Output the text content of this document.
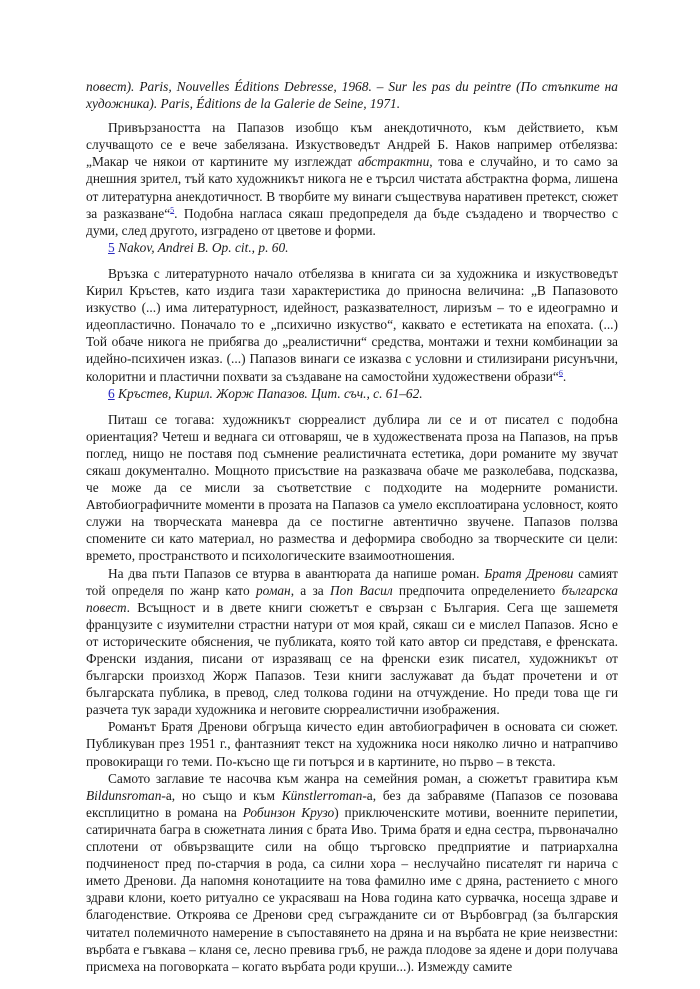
повест). Paris, Nouvelles Éditions Debresse, 1968. – Sur les pas du peintre (По стъпките на художника). Paris, Éditions de la Galerie de Seine, 1971.

Привързаността на Папазов изобщо към анекдотичното, към действието, към случващото се е вече забелязана. Изкуствоведът Андрей Б. Наков например отбелязва: „Макар че някои от картините му изглеждат абстрактни, това е случайно, и то само за днешния зрител, тъй като художникът никога не е търсил чистата абстрактна форма, лишена от литературна анекдотичност. В творбите му винаги съществува наративен претекст, сюжет за разказване“$^5$. Подобна нагласа сякаш предопределя да бъде създадено и творчество с думи, след другото, изградено от цветове и форми.

5 Nakov, Andrei B. Op. cit., p. 60.

Връзка с литературното начало отбелязва в книгата си за художника и изкуствоведът Кирил Кръстев, като издига тази характеристика до приносна величина: „В Папазовото изкуство (...) има литературност, идейност, разказвателност, лиризъм – то е идеограмно и идеопластично. Поначало то е „психично изкуство“, каквато е естетиката на епохата. (...) Той обаче никога не прибягва до „реалистични“ средства, монтажи и техни комбинации за идейно-психичен изказ. (...) Папазов винаги се изказва с условни и стилизирани рисунъчни, колоритни и пластични похвати за създаване на самостойни художествени образи“$^6$.

6 Кръстев, Кирил. Жорж Папазов. Цит. съч., с. 61–62.

Питаш се тогава: художникът сюрреалист дублира ли се и от писател с подобна ориентация? Четеш и веднага си отговаряш, че в художествената проза на Папазов, на пръв поглед, нищо не поставя под съмнение реалистичната естетика, дори романите му звучат сякаш документално. Мощното присъствие на разказвача обаче ме разколебава, подсказва, че може да се мисли за съответствие с подходите на модерните романисти. Автобиографичните моменти в прозата на Папазов са умело експлоатирана условност, която служи на творческата маневра да се постигне автентично звучене. Папазов ползва спомените си като материал, но размества и деформира свободно за творческите си цели: времето, пространството и психологическите взаимоотношения.

На два пъти Папазов се втурва в авантюрата да напише роман. Братя Дренови самият той определя по жанр като роман, а за Поп Васил предпочита определението българска повест. Всъщност и в двете книги сюжетът е свързан с България. Сега ще зашеметя французите с изумителни страстни натури от моя край, сякаш си е мислел Папазов. Ясно е от историческите обяснения, че публиката, която той като автор си представя, е френската. Френски издания, писани от изразяващ се на френски език писател, художникът от български произход Жорж Папазов. Тези книги заслужават да бъдат прочетени и от българската публика, в превод, след толкова години на отчуждение. Но преди това ще ги разчета тук заради художника и неговите сюрреалистични изображения.

Романът Братя Дренови обгръща кичесто един автобиографичен в основата си сюжет. Публикуван през 1951 г., фантазният текст на художника носи няколко лично и натрапчиво провокиращи го теми. По-късно ще ги потърся и в картините, но първо – в текста.

Самото заглавие те насочва към жанра на семейния роман, а сюжетът гравитира към Bildunsroman-а, но също и към Künstlerroman-а, без да забравяме (Папазов се позовава експлицитно в романа на Робинзон Крузо) приключенските мотиви, военните перипетии, сатиричната багра в сюжетната линия с брата Иво. Трима братя и една сестра, първоначално сплотени от обвързващите сили на общо търговско предприятие и патриархална подчиненост пред по-старчия в рода, са силни хора – неслучайно писателят ги нарича с името Дренови. Да напомня конотациите на това фамилно име с дряна, растението с много здрави клони, което ритуално се украсяваш на Нова година като сурвачка, носеща здраве и благоденствие. Откроява се Дренови сред съгражданите си от Върбовград (за българския читател полемичното намерение в съпоставянето на дряна и на върбата не крие неизвестни: върбата е гъвкава – кланя се, лесно превива гръб, не ражда плодове за ядене и дори получава присмеха на поговорката – когато върбата роди круши...). Измежду самите
